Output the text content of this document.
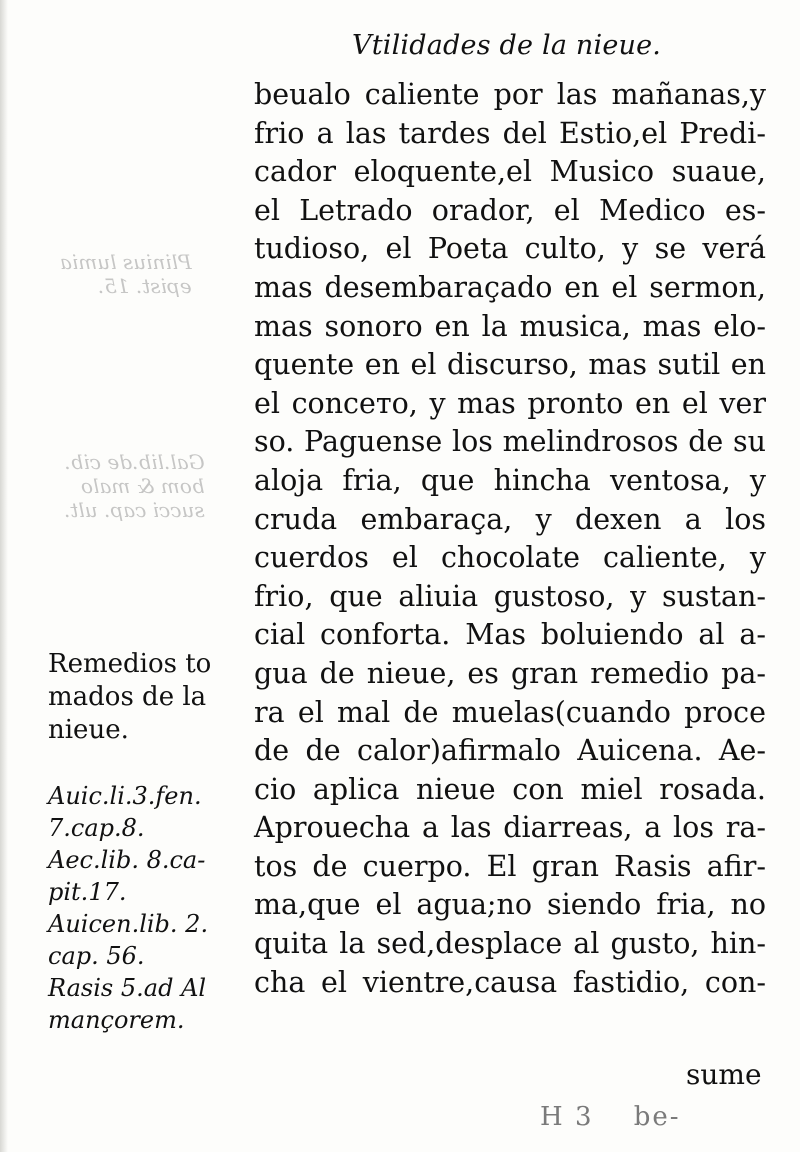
Plinius lumia
epist. 15.
Gal.lib.de cib.
bom & malo
succi cap. ult.
Vtilidades de la nieue.
beualo caliente por las mañanas,y
frio a las tardes del Estio,el Predi-
cador eloquente,el Musico suaue,
el Letrado orador, el Medico es-
tudioso, el Poeta culto, y se verá
mas desembaraçado en el sermon,
mas sonoro en la musica, mas elo-
quente en el discurso, mas sutil en
el concето, y mas pronto en el ver
so. Paguense los melindrosos de su
aloja fria, que hincha ventosa, y
cruda embaraça, y dexen a los
cuerdos el chocolate caliente, y
frio, que aliuia gustoso, y sustan-
cial conforta. Mas boluiendo al a-
gua de nieue, es gran remedio pa-
ra el mal de muelas(cuando proce
de de calor)afirmalo Auicena. Ae-
cio aplica nieue con miel rosada.
Aprouecha a las diarreas, a los ra-
tos de cuerpo. El gran Rasis afir-
ma,que el agua;no siendo fria, no
quita la sed,desplace al gusto, hin-
cha el vientre,causa fastidio, con-
sume
H 3 be-
Remedios to
mados de la
nieue.
Auic.li.3.fen.
7.cap.8.
Aec.lib. 8.ca-
pit.17.
Auicen.lib. 2.
cap. 56.
Rasis 5.ad Al
mançorem.
